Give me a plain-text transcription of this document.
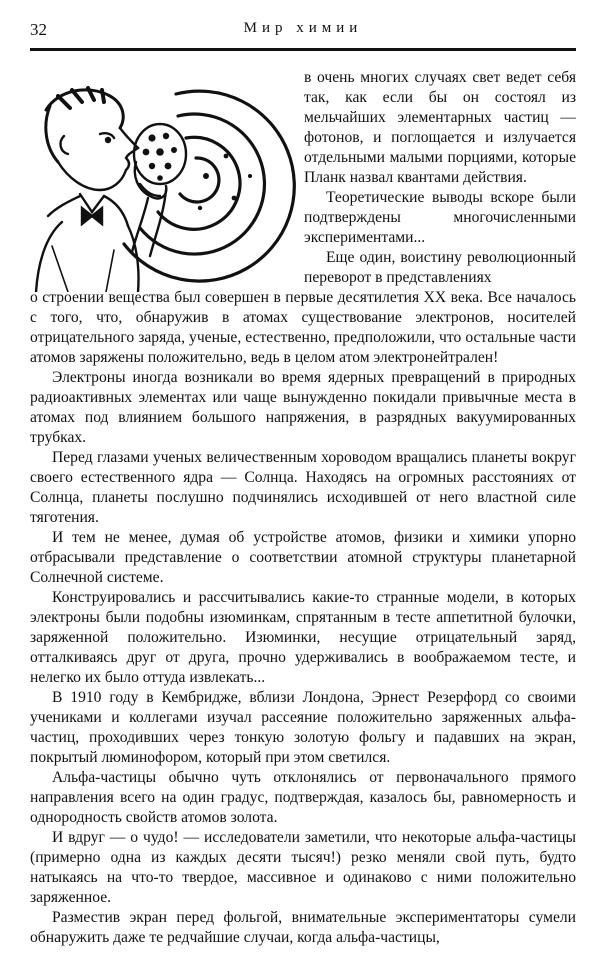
32	Мир химии

в очень многих случаях свет ведет себя так, как если бы он состоял из мельчайших элементарных частиц — фотонов, и поглощается и излучается отдельными малыми порциями, которые Планк назвал квантами действия.

Теоретические выводы вскоре были подтверждены многочисленными экспериментами...

Еще один, воистину революционный переворот в представлениях

о строении вещества был совершен в первые десятилетия XX века. Все началось с того, что, обнаружив в атомах существование электронов, носителей отрицательного заряда, ученые, естественно, предположили, что остальные части атомов заряжены положительно, ведь в целом атом электронейтрален!

Электроны иногда возникали во время ядерных превращений в природных радиоактивных элементах или чаще вынужденно покидали привычные места в атомах под влиянием большого напряжения, в разрядных вакуумированных трубках.

Перед глазами ученых величественным хороводом вращались планеты вокруг своего естественного ядра — Солнца. Находясь на огромных расстояниях от Солнца, планеты послушно подчинялись исходившей от него властной силе тяготения.

И тем не менее, думая об устройстве атомов, физики и химики упорно отбрасывали представление о соответствии атомной структуры планетарной Солнечной системе.

Конструировались и рассчитывались какие-то странные модели, в которых электроны были подобны изюминкам, спрятанным в тесте аппетитной булочки, заряженной положительно. Изюминки, несущие отрицательный заряд, отталкиваясь друг от друга, прочно удерживались в воображаемом тесте, и нелегко их было оттуда извлекать...

В 1910 году в Кембридже, вблизи Лондона, Эрнест Резерфорд со своими учениками и коллегами изучал рассеяние положительно заряженных альфа-частиц, проходивших через тонкую золотую фольгу и падавших на экран, покрытый люминофором, который при этом светился.

Альфа-частицы обычно чуть отклонялись от первоначального прямого направления всего на один градус, подтверждая, казалось бы, равномерность и однородность свойств атомов золота.

И вдруг — о чудо! — исследователи заметили, что некоторые альфа-частицы (примерно одна из каждых десяти тысяч!) резко меняли свой путь, будто натыкаясь на что-то твердое, массивное и одинаково с ними положительно заряженное.

Разместив экран перед фольгой, внимательные экспериментаторы сумели обнаружить даже те редчайшие случаи, когда альфа-частицы,
